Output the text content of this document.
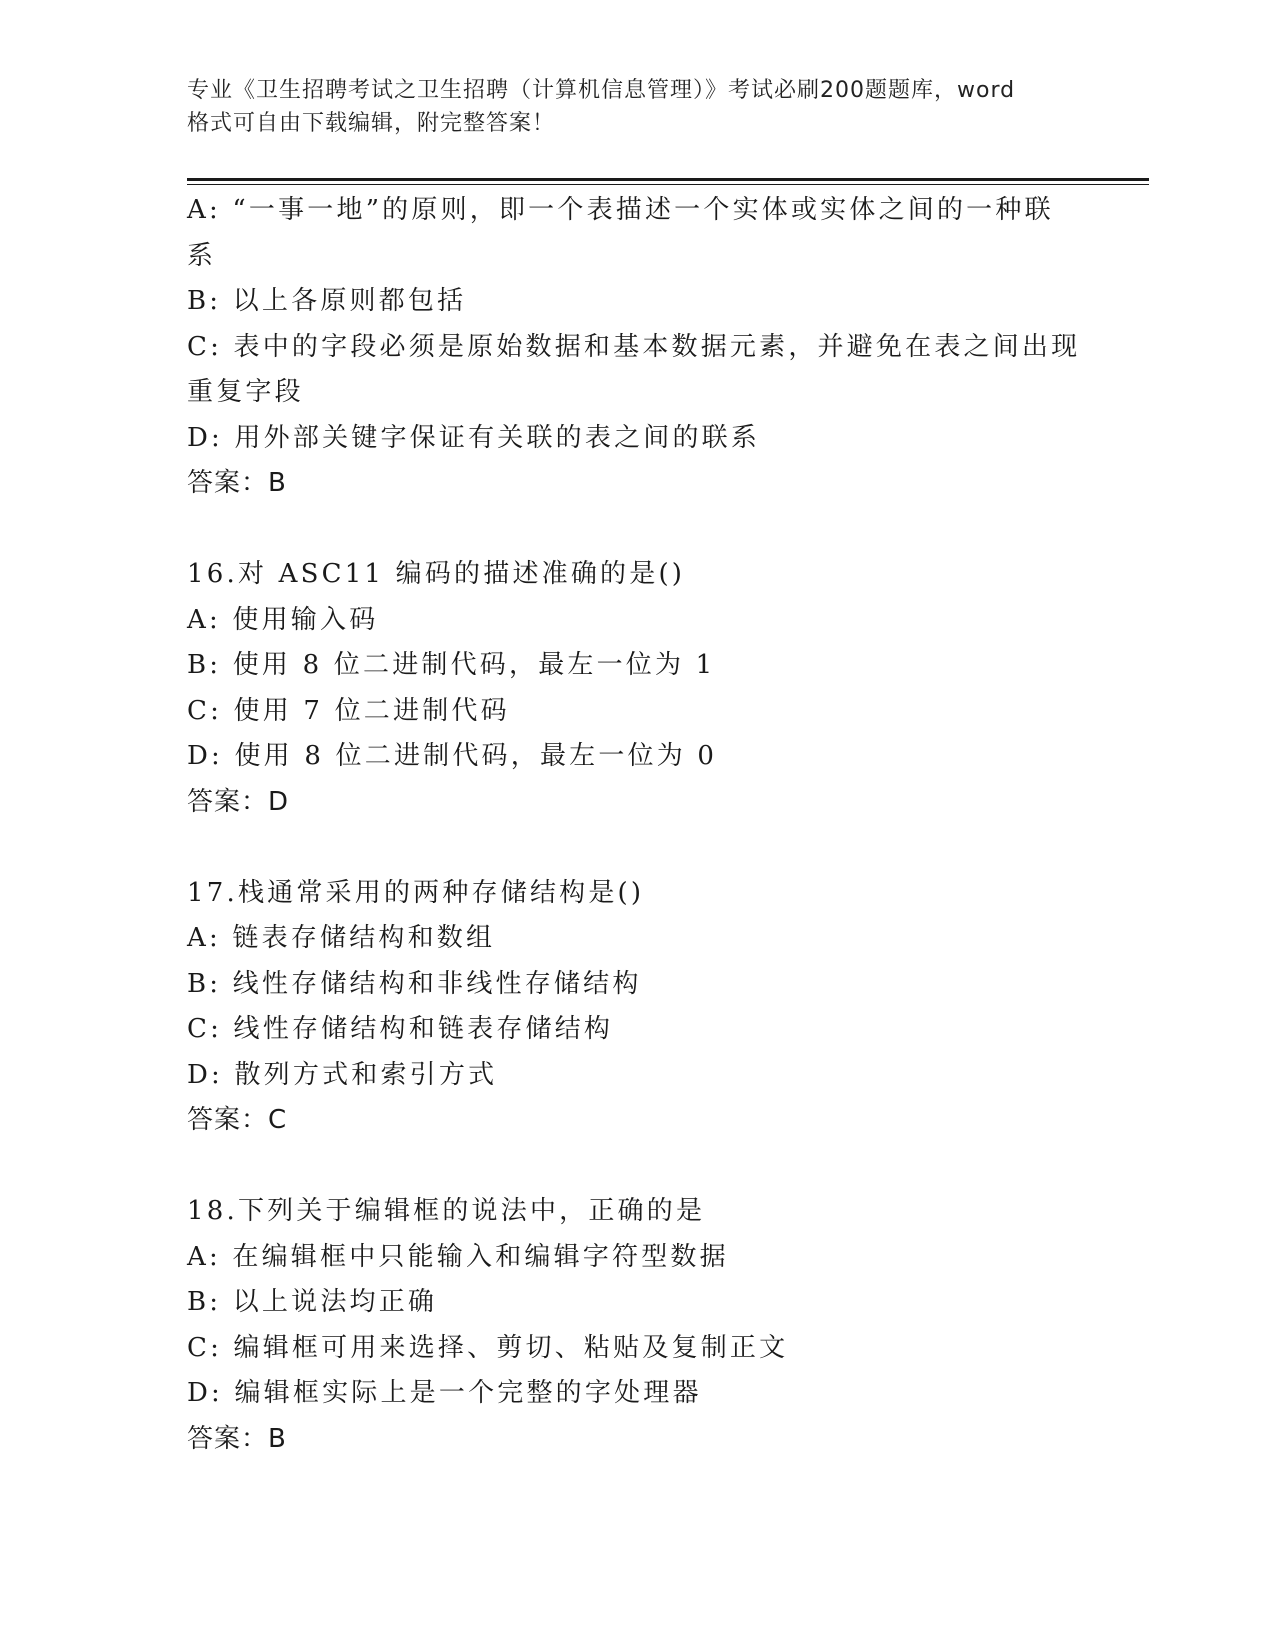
专业《卫生招聘考试之卫生招聘（计算机信息管理）》考试必刷200题题库，word
格式可自由下载编辑，附完整答案！
A: “一事一地”的原则，即一个表描述一个实体或实体之间的一种联
系
B: 以上各原则都包括
C: 表中的字段必须是原始数据和基本数据元素，并避免在表之间出现
重复字段
D: 用外部关键字保证有关联的表之间的联系
答案：B
16.对 ASC11 编码的描述准确的是()
A: 使用输入码
B: 使用 8 位二进制代码，最左一位为 1
C: 使用 7 位二进制代码
D: 使用 8 位二进制代码，最左一位为 0
答案：D
17.栈通常采用的两种存储结构是()
A: 链表存储结构和数组
B: 线性存储结构和非线性存储结构
C: 线性存储结构和链表存储结构
D: 散列方式和索引方式
答案：C
18.下列关于编辑框的说法中，正确的是
A: 在编辑框中只能输入和编辑字符型数据
B: 以上说法均正确
C: 编辑框可用来选择、剪切、粘贴及复制正文
D: 编辑框实际上是一个完整的字处理器
答案：B
